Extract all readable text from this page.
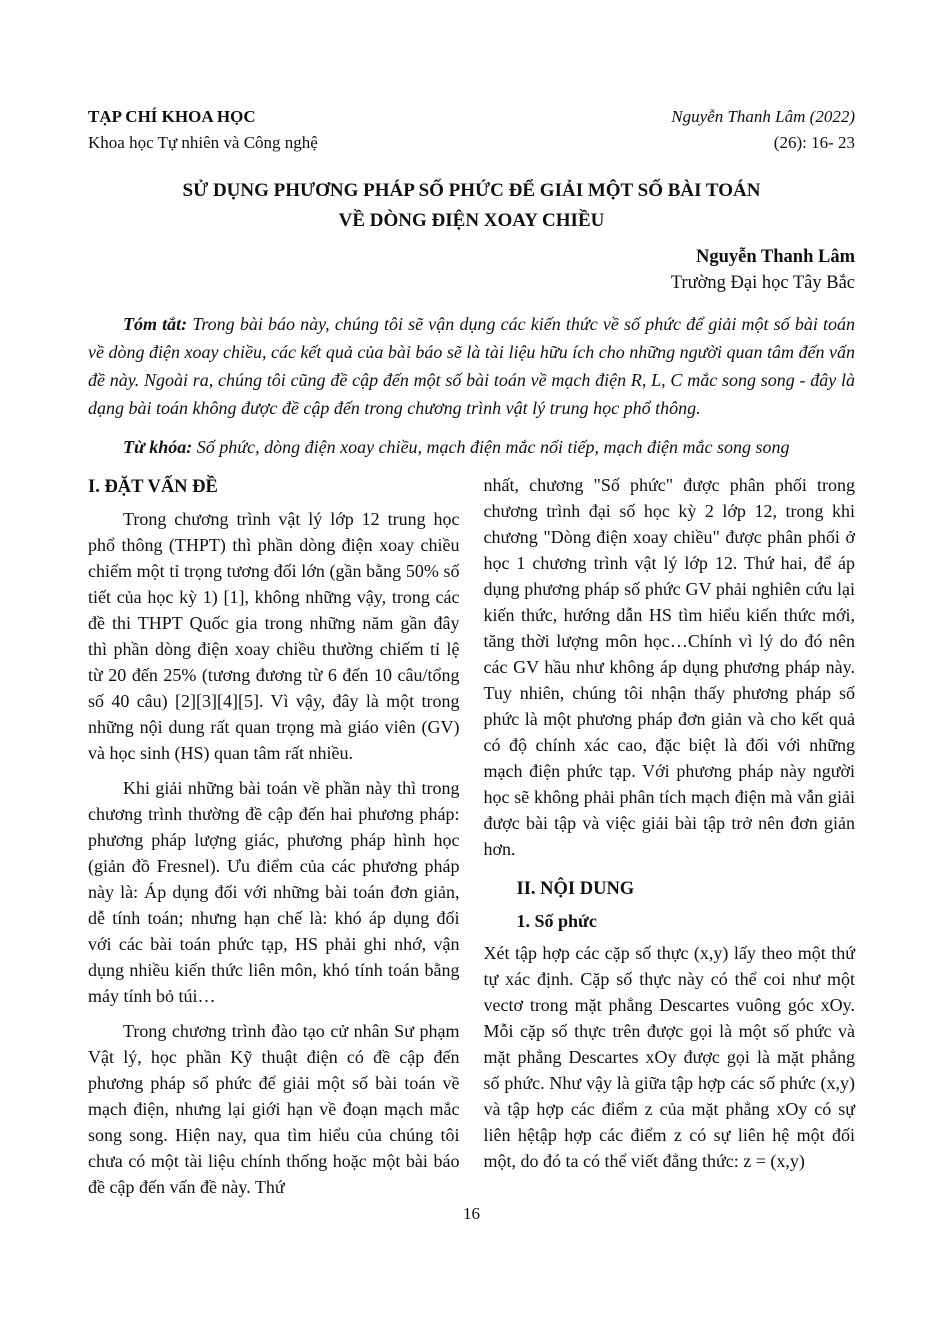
TẠP CHÍ KHOA HỌC
Khoa học Tự nhiên và Công nghệ
Nguyễn Thanh Lâm (2022)
(26): 16- 23
SỬ DỤNG PHƯƠNG PHÁP SỐ PHỨC ĐỂ GIẢI MỘT SỐ BÀI TOÁN
VỀ DÒNG ĐIỆN XOAY CHIỀU
Nguyễn Thanh Lâm
Trường Đại học Tây Bắc

Tóm tắt: Trong bài báo này, chúng tôi sẽ vận dụng các kiến thức về số phức để giải một số bài toán về dòng điện xoay chiều, các kết quả của bài báo sẽ là tài liệu hữu ích cho những người quan tâm đến vấn đề này. Ngoài ra, chúng tôi cũng đề cập đến một số bài toán về mạch điện R, L, C mắc song song - đây là dạng bài toán không được đề cập đến trong chương trình vật lý trung học phổ thông.

Từ khóa: Số phức, dòng điện xoay chiều, mạch điện mắc nối tiếp, mạch điện mắc song song

I. ĐẶT VẤN ĐỀ

Trong chương trình vật lý lớp 12 trung học phổ thông (THPT) thì phần dòng điện xoay chiều chiếm một tỉ trọng tương đối lớn (gần bằng 50% số tiết của học kỳ 1) [1], không những vậy, trong các đề thi THPT Quốc gia trong những năm gần đây thì phần dòng điện xoay chiều thường chiếm tỉ lệ từ 20 đến 25% (tương đương từ 6 đến 10 câu/tổng số 40 câu) [2][3][4][5]. Vì vậy, đây là một trong những nội dung rất quan trọng mà giáo viên (GV) và học sinh (HS) quan tâm rất nhiều.

Khi giải những bài toán về phần này thì trong chương trình thường đề cập đến hai phương pháp: phương pháp lượng giác, phương pháp hình học (giản đồ Fresnel). Ưu điểm của các phương pháp này là: Áp dụng đối với những bài toán đơn giản, dễ tính toán; nhưng hạn chế là: khó áp dụng đối với các bài toán phức tạp, HS phải ghi nhớ, vận dụng nhiều kiến thức liên môn, khó tính toán bằng máy tính bỏ túi…

Trong chương trình đào tạo cử nhân Sư phạm Vật lý, học phần Kỹ thuật điện có đề cập đến phương pháp số phức để giải một số bài toán về mạch điện, nhưng lại giới hạn về đoạn mạch mắc song song. Hiện nay, qua tìm hiểu của chúng tôi chưa có một tài liệu chính thống hoặc một bài báo đề cập đến vấn đề này. Thứ

nhất, chương "Số phức" được phân phối trong chương trình đại số học kỳ 2 lớp 12, trong khi chương "Dòng điện xoay chiều" được phân phối ở học 1 chương trình vật lý lớp 12. Thứ hai, để áp dụng phương pháp số phức GV phải nghiên cứu lại kiến thức, hướng dẫn HS tìm hiểu kiến thức mới, tăng thời lượng môn học…Chính vì lý do đó nên các GV hầu như không áp dụng phương pháp này. Tuy nhiên, chúng tôi nhận thấy phương pháp số phức là một phương pháp đơn giản và cho kết quả có độ chính xác cao, đặc biệt là đối với những mạch điện phức tạp. Với phương pháp này người học sẽ không phải phân tích mạch điện mà vẫn giải được bài tập và việc giải bài tập trở nên đơn giản hơn.

II. NỘI DUNG
1. Số phức

Xét tập hợp các cặp số thực (x,y) lấy theo một thứ tự xác định. Cặp số thực này có thể coi như một vectơ trong mặt phẳng Descartes vuông góc xOy. Mỗi cặp số thực trên được gọi là một số phức và mặt phẳng Descartes xOy được gọi là mặt phẳng số phức. Như vậy là giữa tập hợp các số phức (x,y) và tập hợp các điểm z của mặt phẳng xOy có sự liên hệtập hợp các điểm z có sự liên hệ một đối một, do đó ta có thể viết đẳng thức: z = (x,y)

16
